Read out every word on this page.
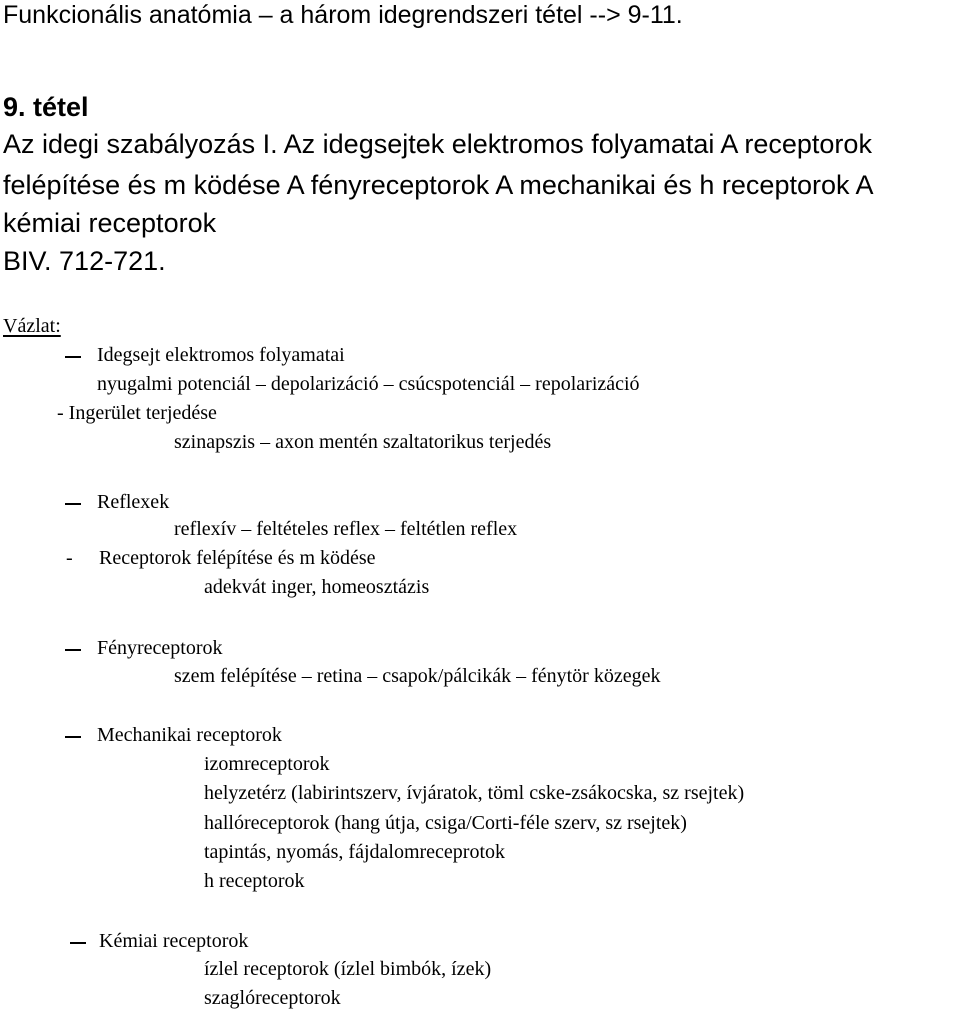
Funkcionális anatómia – a három idegrendszeri tétel --> 9-11.
9. tétel
Az idegi szabályozás I. Az idegsejtek elektromos folyamatai A receptorok
felépítése és m ködése A fényreceptorok A mechanikai és h receptorok A
kémiai receptorok
BIV. 712-721.
Vázlat:
Idegsejt elektromos folyamatai
nyugalmi potenciál – depolarizáció – csúcspotenciál – repolarizáció
- Ingerület terjedése
szinapszis – axon mentén szaltatorikus terjedés
Reflexek
reflexív – feltételes reflex – feltétlen reflex
- Receptorok felépítése és m ködése
adekvát inger, homeosztázis
Fényreceptorok
szem felépítése – retina – csapok/pálcikák – fénytör közegek
Mechanikai receptorok
izomreceptorok
helyzetérz (labirintszerv, ívjáratok, töml cske-zsákocska, sz rsejtek)
hallóreceptorok (hang útja, csiga/Corti-féle szerv, sz rsejtek)
tapintás, nyomás, fájdalomreceprotok
h receptorok
Kémiai receptorok
ízlel receptorok (ízlel bimbók, ízek)
szaglóreceptorok
